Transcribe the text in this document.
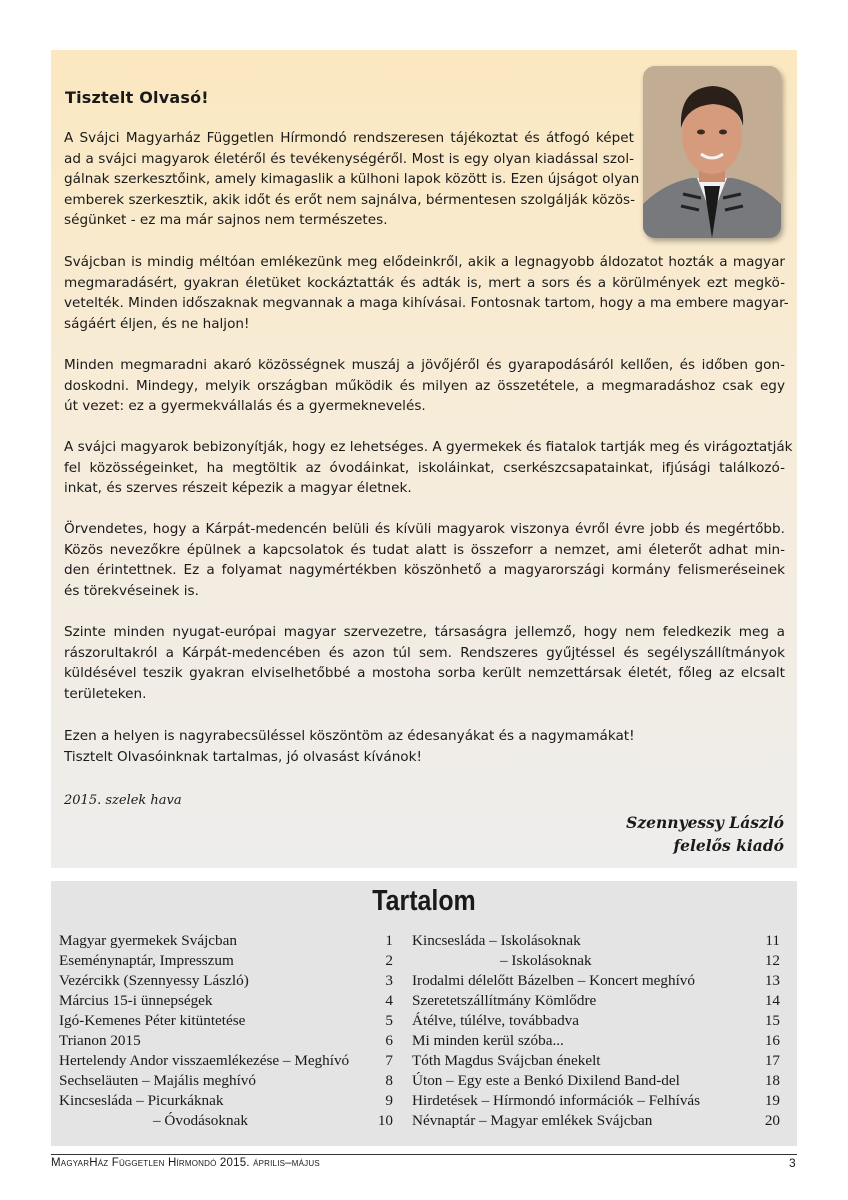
Tisztelt Olvasó!
A Svájci Magyarház Független Hírmondó rendszeresen tájékoztat és átfogó képet
ad a svájci magyarok életéről és tevékenységéről. Most is egy olyan kiadással szol-
gálnak szerkesztőink, amely kimagaslik a külhoni lapok között is. Ezen újságot olyan
emberek szerkesztik, akik időt és erőt nem sajnálva, bérmentesen szolgálják közös-
ségünket - ez ma már sajnos nem természetes.
Svájcban is mindig méltóan emlékezünk meg elődeinkről, akik a legnagyobb áldozatot hozták a magyar
megmaradásért, gyakran életüket kockáztatták és adták is, mert a sors és a körülmények ezt megkö-
vetelték. Minden időszaknak megvannak a maga kihívásai. Fontosnak tartom, hogy a ma embere magyar-
ságáért éljen, és ne haljon!
Minden megmaradni akaró közösségnek muszáj a jövőjéről és gyarapodásáról kellően, és időben gon-
doskodni. Mindegy, melyik országban működik és milyen az összetétele, a megmaradáshoz csak egy
út vezet: ez a gyermekvállalás és a gyermeknevelés.
A svájci magyarok bebizonyítják, hogy ez lehetséges. A gyermekek és fiatalok tartják meg és virágoztatják
fel közösségeinket, ha megtöltik az óvodáinkat, iskoláinkat, cserkészcsapatainkat, ifjúsági találkozó-
inkat, és szerves részeit képezik a magyar életnek.
Örvendetes, hogy a Kárpát-medencén belüli és kívüli magyarok viszonya évről évre jobb és megértőbb.
Közös nevezőkre épülnek a kapcsolatok és tudat alatt is összeforr a nemzet, ami életerőt adhat min-
den érintettnek. Ez a folyamat nagymértékben köszönhető a magyarországi kormány felismeréseinek
és törekvéseinek is.
Szinte minden nyugat-európai magyar szervezetre, társaságra jellemző, hogy nem feledkezik meg a
rászorultakról a Kárpát-medencében és azon túl sem. Rendszeres gyűjtéssel és segélyszállítmányok
küldésével teszik gyakran elviselhetőbbé a mostoha sorba került nemzettársak életét, főleg az elcsalt
területeken.
Ezen a helyen is nagyrabecsüléssel köszöntöm az édesanyákat és a nagymamákat!
Tisztelt Olvasóinknak tartalmas, jó olvasást kívánok!
2015. szelek hava
Szennyessy László
felelős kiadó
Tartalom
Magyar gyermekek Svájcban	1
Eseménynaptár, Impresszum	2
Vezércikk (Szennyessy László)	3
Március 15-i ünnepségek	4
Igó-Kemenes Péter kitüntetése	5
Trianon 2015	6
Hertelendy Andor visszaemlékezése – Meghívó 7
Sechseläuten – Majális meghívó	8
Kincsesláda – Picurkáknak	9
– Óvodásoknak	10
Kincsesláda – Iskolásoknak	11
– Iskolásoknak	12
Irodalmi délelőtt Bázelben – Koncert meghívó	13
Szeretetszállítmány Kömlődre	14
Átélve, túlélve, továbbadva	15
Mi minden kerül szóba...	16
Tóth Magdus Svájcban énekelt	17
Úton – Egy este a Benkó Dixilend Band-del	18
Hirdetések – Hírmondó információk – Felhívás	19
Névnaptár – Magyar emlékek Svájcban	20
MagyarHáz Független Hírmondó 2015. április–május	3
